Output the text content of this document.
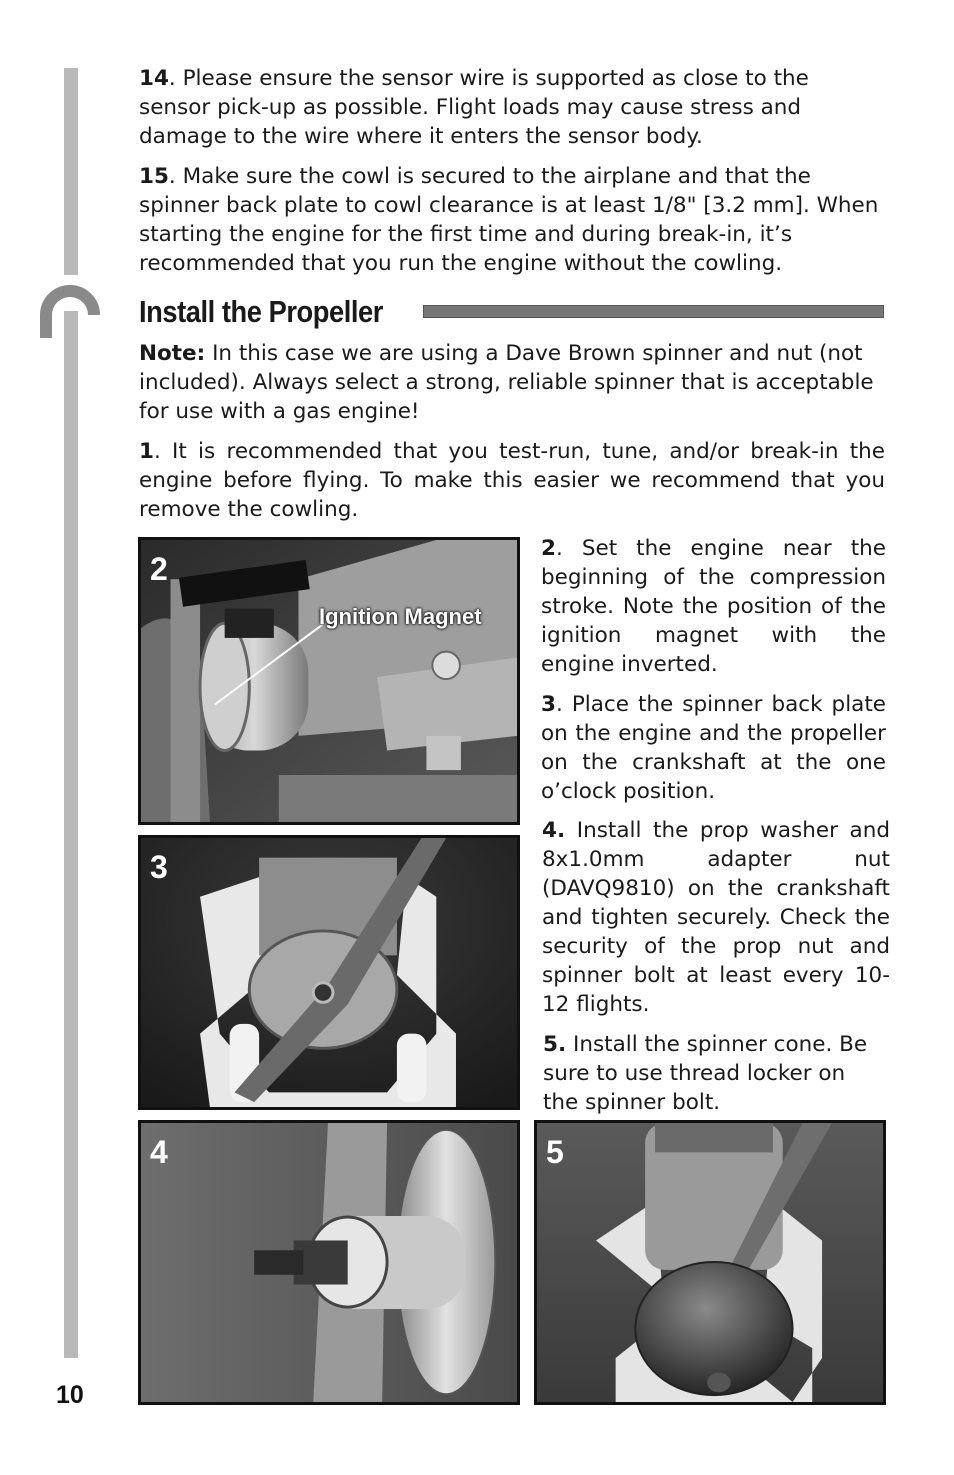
14. Please ensure the sensor wire is supported as close to the sensor pick-up as possible. Flight loads may cause stress and damage to the wire where it enters the sensor body.

15. Make sure the cowl is secured to the airplane and that the spinner back plate to cowl clearance is at least 1/8" [3.2 mm]. When starting the engine for the first time and during break-in, it’s recommended that you run the engine without the cowling.

Install the Propeller

Note: In this case we are using a Dave Brown spinner and nut (not included). Always select a strong, reliable spinner that is acceptable for use with a gas engine!

1. It is recommended that you test-run, tune, and/or break-in the engine before flying. To make this easier we recommend that you remove the cowling.

2. Set the engine near the beginning of the compression stroke. Note the position of the ignition magnet with the engine inverted.

3. Place the spinner back plate on the engine and the propeller on the crankshaft at the one o’clock position.

4. Install the prop washer and 8x1.0mm adapter nut (DAVQ9810) on the crankshaft and tighten securely. Check the security of the prop nut and spinner bolt at least every 10-12 flights.

5. Install the spinner cone. Be sure to use thread locker on the spinner bolt.

2
Ignition Magnet
3
4	5
10
